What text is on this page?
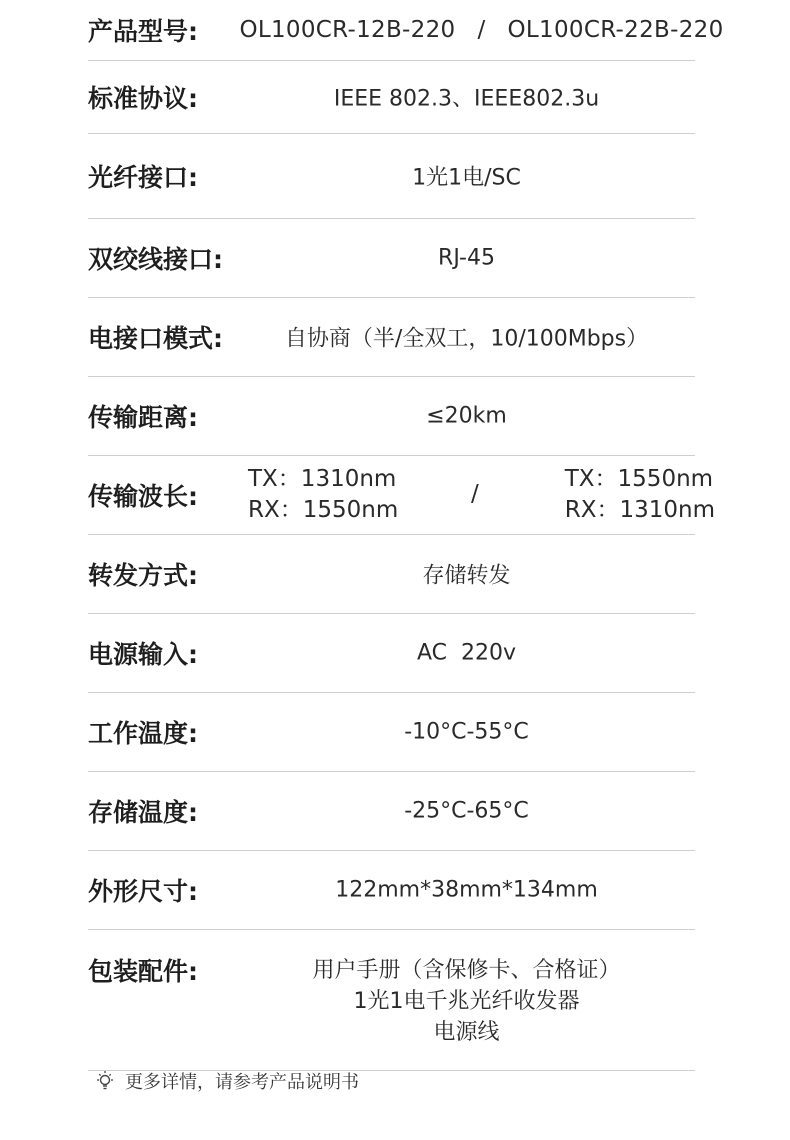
产品型号:	OL100CR-12B-220 / OL100CR-22B-220
标准协议:	IEEE 802.3、IEEE802.3u
光纤接口:	1光1电/SC
双绞线接口:	RJ-45
电接口模式:	自协商（半/全双工，10/100Mbps）
传输距离:	≤20km
传输波长:
TX：1310nm
RX：1550nm
/
TX：1550nm
RX：1310nm
转发方式:	存储转发
电源输入:	AC  220v
工作温度:	-10°C-55°C
存储温度:	-25°C-65°C
外形尺寸:	122mm*38mm*134mm
包装配件:	用户手册（含保修卡、合格证）
1光1电千兆光纤收发器
电源线
更多详情，请参考产品说明书
